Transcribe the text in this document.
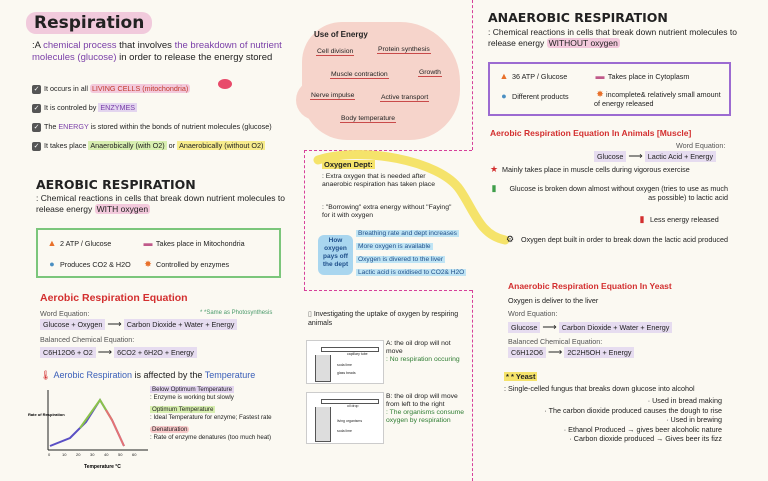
Respiration
:A chemical process that involves the breakdown of nutrient molecules (glucose) in order to release the energy stored
✓ It occurs in all LIVING CELLS (mitochondria)
✓ It is controled by ENZYMES
✓ The ENERGY is stored within the bonds of nutrient molecules (glucose)
✓ It takes place Anaerobically (with O2) or Anaerobically (without O2)
Use of Energy
Cell division	Protein synthesis
Muscle contraction	Growth
Nerve impulse	Active transport
Body temperature
AEROBIC RESPIRATION
: Chemical reactions in cells that break down nutrient molecules to release energy WITH oxygen
▲ 2 ATP / Glucose	▬ Takes place in Mitochondria
● Produces CO2 & H2O ✸ Controlled by enzymes
Aerobic Respiration Equation
* *Same as Photosynthesis
Word Equation:
Glucose + Oxygen ⟶ Carbon Dioxide + Water + Energy
Balanced Chemical Equation:
C6H12O6 + O2 ⟶ 6CO2 + 6H2O + Energy
🌡 Aerobic Respiration is affected by the Temperature
0	10 20 30 40 50 60
Temperature °C
Rate of Respiration
Below Optimum Temperature
: Enzyme is working but slowly
Optimum Temperature
: Ideal Temperature for enzyme; Fastest rate
Denaturation
: Rate of enzyme denatures (too much heat)
Oxygen Dept:
: Extra oxygen that is needed after anaerobic respiration has taken place
: "Borrowing" extra energy without "Faying" for it with oxygen
How oxygen pays off the dept
Breathing rate and dept increases
More oxygen is available
Oxygen is divered to the liver
Lactic acid is oxidised to CO2& H2O
▯ Investigating the uptake of oxygen by respiring animals
capillary tube
soda lime
glass beads
oil drop
living organisms
soda lime
A: the oil drop will not move
: No respiration occuring
B: the oil drop will move from left to the right
: The organisms consume oxygen by respiration
ANAEROBIC RESPIRATION
: Chemical reactions in cells that break down nutrient molecules to release energy WITHOUT oxygen
▲ 36 ATP / Glucose	▬ Takes place in Cytoplasm
● Different products	✸ incomplete& relatively small amount of energy released
Aerobic Respiration Equation In Animals [Muscle]
Word Equation:
Glucose ⟶ Lactic Acid + Energy
★ Mainly takes place in muscle cells during vigorous exercise
▮	Glucose is broken down almost without oxygen (tries to use as much as possible) to lactic acid
▮ Less energy released
⚙ Oxygen dept built in order to break down the lactic acid produced
Anaerobic Respiration Equation In Yeast
Oxygen is deliver to the liver
Word Equation:
Glucose ⟶ Carbon Dioxide + Water + Energy
Balanced Chemical Equation:
C6H12O6 ⟶ 2C2H5OH + Energy
* * Yeast
: Single-celled fungus that breaks down glucose into alcohol
· Used in bread making
· The carbon dioxide produced causes the dough to rise
· Used in brewing
· Ethanol Produced → gives beer alcoholic nature
· Carbon dioxide produced → Gives beer its fizz
